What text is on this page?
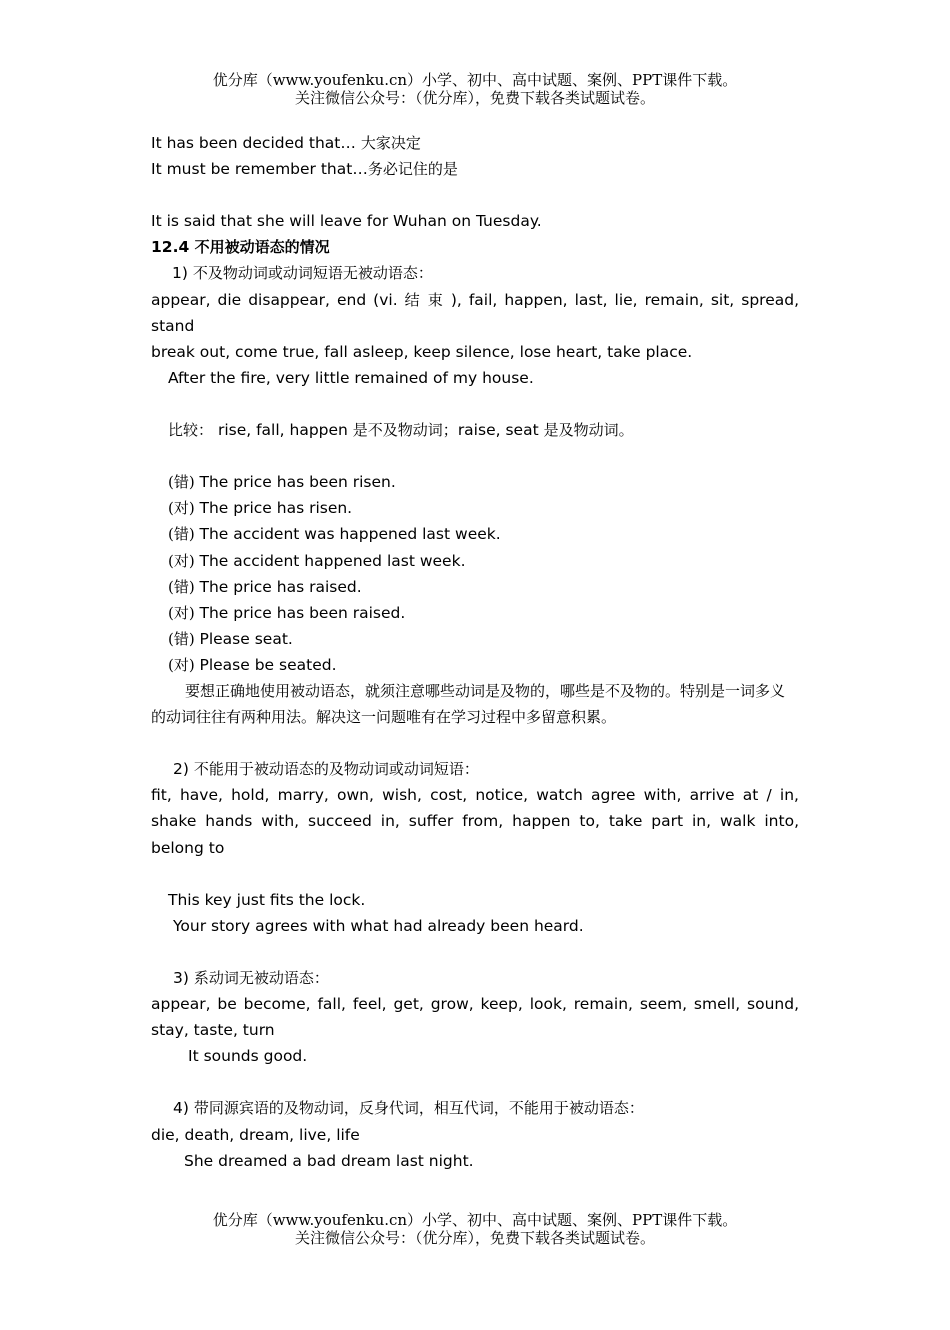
优分库（www.youfenku.cn）小学、初中、高中试题、案例、PPT课件下载。
关注微信公众号：（优分库），免费下载各类试题试卷。

It has been decided that… 大家决定

It must be remember that…务必记住的是

It is said that she will leave for Wuhan on Tuesday.

12.4 不用被动语态的情况

1) 不及物动词或动词短语无被动语态：

appear, die disappear, end (vi. 结束), fail, happen, last, lie, remain, sit, spread, stand

break out, come true, fall asleep, keep silence, lose heart, take place.

After the fire, very little remained of my house.

比较： rise, fall, happen 是不及物动词；raise, seat 是及物动词。

(错) The price has been risen.

(对) The price has risen.

(错) The accident was happened last week.

(对) The accident happened last week.

(错) The price has raised.

(对) The price has been raised.

(错) Please seat.

(对) Please be seated.

要想正确地使用被动语态，就须注意哪些动词是及物的，哪些是不及物的。特别是一词多义的动词往往有两种用法。解决这一问题唯有在学习过程中多留意积累。

2) 不能用于被动语态的及物动词或动词短语：

fit, have, hold, marry, own, wish, cost, notice, watch agree with, arrive at / in, shake hands with, succeed in, suffer from, happen to, take part in, walk into, belong to

This key just fits the lock.

Your story agrees with what had already been heard.

3) 系动词无被动语态：

appear, be become, fall, feel, get, grow, keep, look, remain, seem, smell, sound, stay, taste, turn

It sounds good.

4) 带同源宾语的及物动词，反身代词，相互代词，不能用于被动语态：

die, death, dream, live, life

She dreamed a bad dream last night.

优分库（www.youfenku.cn）小学、初中、高中试题、案例、PPT课件下载。
关注微信公众号：（优分库），免费下载各类试题试卷。
